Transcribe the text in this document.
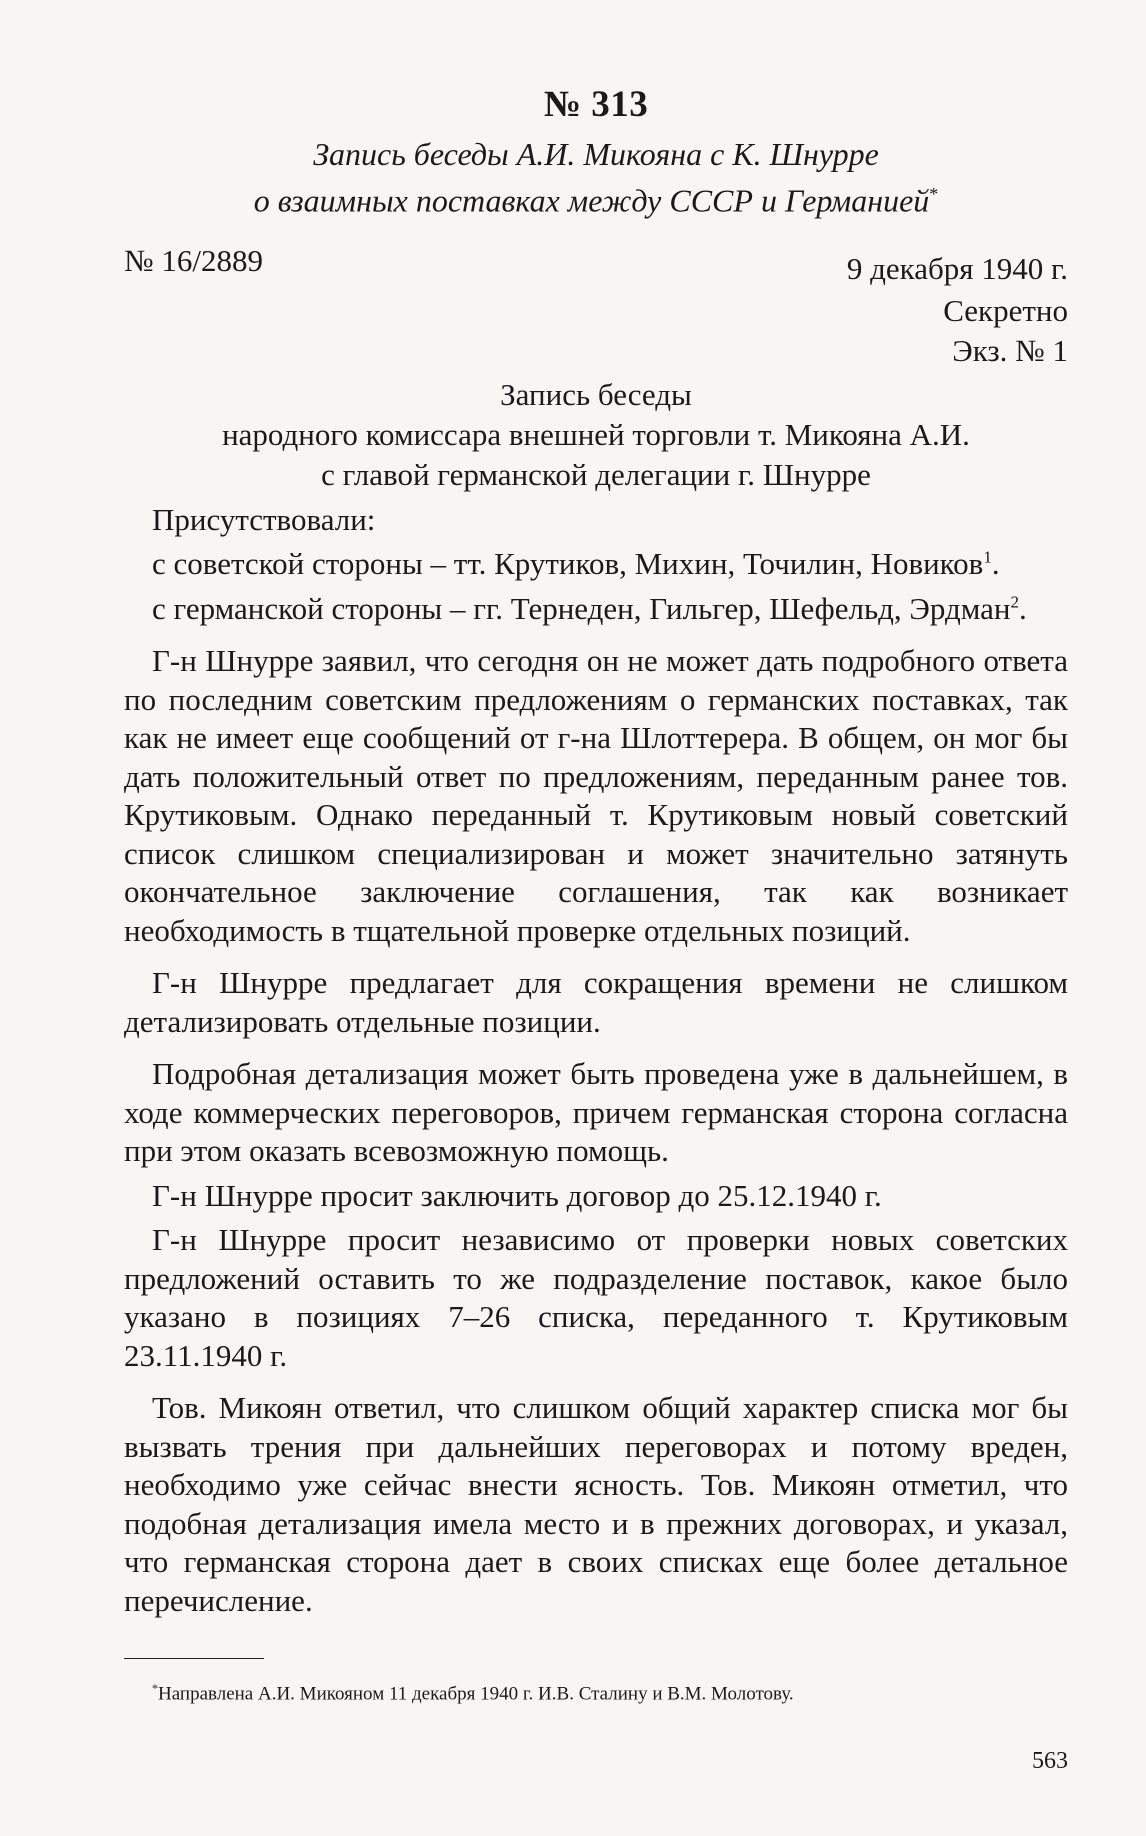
№ 313
Запись беседы А.И. Микояна с К. Шнурре
о взаимных поставках между СССР и Германией*
№ 16/2889	9 декабря 1940 г.

Секретно

Экз. № 1

Запись беседы
народного комиссара внешней торговли т. Микояна А.И.
с главой германской делегации г. Шнурре

Присутствовали:

с советской стороны – тт. Крутиков, Михин, Точилин, Новиков$^1$.

с германской стороны – гг. Тернеден, Гильгер, Шефельд, Эрдман$^2$.

Г-н Шнурре заявил, что сегодня он не может дать подробного ответа по последним советским предложениям о германских поставках, так как не имеет еще сообщений от г-на Шлоттерера. В общем, он мог бы дать положительный ответ по предложениям, переданным ранее тов. Крутиковым. Однако переданный т. Крутиковым новый советский список слишком специализирован и может значительно затянуть окончательное заключение соглашения, так как возникает необходимость в тщательной проверке отдельных позиций.

Г-н Шнурре предлагает для сокращения времени не слишком детализировать отдельные позиции.

Подробная детализация может быть проведена уже в дальнейшем, в ходе коммерческих переговоров, причем германская сторона согласна при этом оказать всевозможную помощь.

Г-н Шнурре просит заключить договор до 25.12.1940 г.

Г-н Шнурре просит независимо от проверки новых советских предложений оставить то же подразделение поставок, какое было указано в позициях 7–26 списка, переданного т. Крутиковым 23.11.1940 г.

Тов. Микоян ответил, что слишком общий характер списка мог бы вызвать трения при дальнейших переговорах и потому вреден, необходимо уже сейчас внести ясность. Тов. Микоян отметил, что подобная детализация имела место и в прежних договорах, и указал, что германская сторона дает в своих списках еще более детальное перечисление.

*Направлена А.И. Микояном 11 декабря 1940 г. И.В. Сталину и В.М. Молотову.

563
